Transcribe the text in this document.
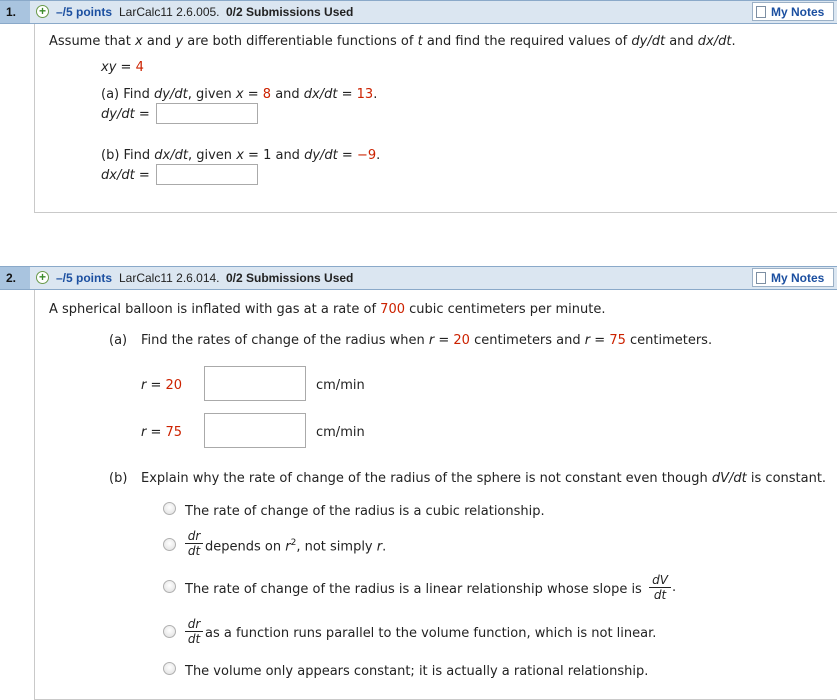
1. + –/5 points LarCalc11 2.6.005. 0/2 Submissions Used	My Notes
Assume that x and y are both differentiable functions of t and find the required values of dy/dt and dx/dt.
xy = 4
(a) Find dy/dt, given x = 8 and dx/dt = 13.
dy/dt =
(b) Find dx/dt, given x = 1 and dy/dt = −9.
dx/dt =
2. + –/5 points LarCalc11 2.6.014. 0/2 Submissions Used	My Notes
A spherical balloon is inflated with gas at a rate of 700 cubic centimeters per minute.
(a) Find the rates of change of the radius when r = 20 centimeters and r = 75 centimeters.
r = 20	cm/min
r = 75	cm/min
(b) Explain why the rate of change of the radius of the sphere is not constant even though dV/dt is constant.
The rate of change of the radius is a cubic relationship.
$\frac{dr}{dt}$ depends on $r^2$, not simply r.
The rate of change of the radius is a linear relationship whose slope is $\frac{dV}{dt}$ .
$\frac{dr}{dt}$ as a function runs parallel to the volume function, which is not linear.
The volume only appears constant; it is actually a rational relationship.
